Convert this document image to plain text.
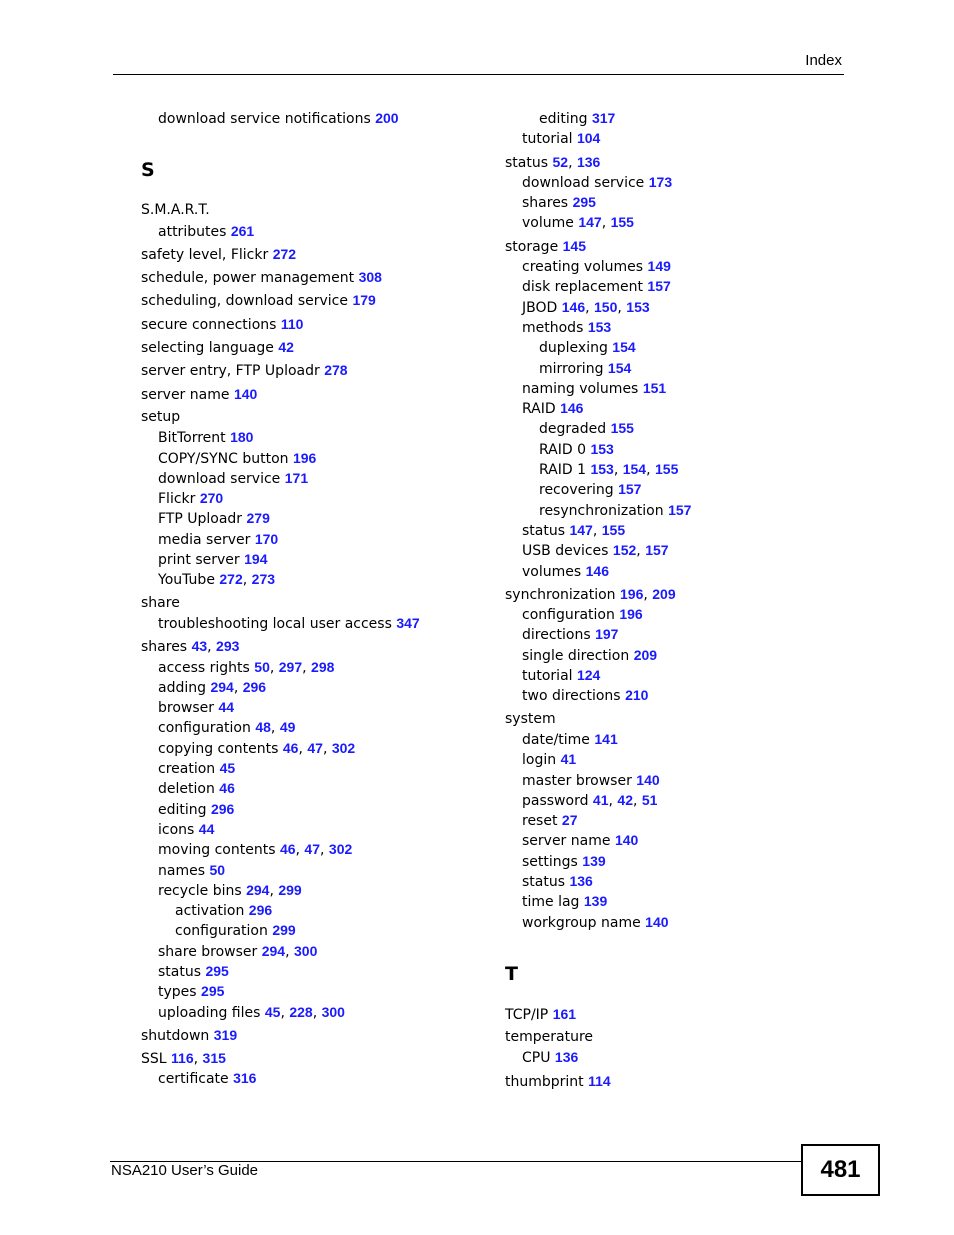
Index
download service notifications 200
S
S.M.A.R.T.
attributes 261
safety level, Flickr 272
schedule, power management 308
scheduling, download service 179
secure connections 110
selecting language 42
server entry, FTP Uploadr 278
server name 140
setup
BitTorrent 180
COPY/SYNC button 196
download service 171
Flickr 270
FTP Uploadr 279
media server 170
print server 194
YouTube 272, 273
share
troubleshooting local user access 347
shares 43, 293
access rights 50, 297, 298
adding 294, 296
browser 44
configuration 48, 49
copying contents 46, 47, 302
creation 45
deletion 46
editing 296
icons 44
moving contents 46, 47, 302
names 50
recycle bins 294, 299
activation 296
configuration 299
share browser 294, 300
status 295
types 295
uploading files 45, 228, 300
shutdown 319
SSL 116, 315
certificate 316
editing 317
tutorial 104
status 52, 136
download service 173
shares 295
volume 147, 155
storage 145
creating volumes 149
disk replacement 157
JBOD 146, 150, 153
methods 153
duplexing 154
mirroring 154
naming volumes 151
RAID 146
degraded 155
RAID 0 153
RAID 1 153, 154, 155
recovering 157
resynchronization 157
status 147, 155
USB devices 152, 157
volumes 146
synchronization 196, 209
configuration 196
directions 197
single direction 209
tutorial 124
two directions 210
system
date/time 141
login 41
master browser 140
password 41, 42, 51
reset 27
server name 140
settings 139
status 136
time lag 139
workgroup name 140
T
TCP/IP 161
temperature
CPU 136
thumbprint 114
NSA210 User’s Guide	481
